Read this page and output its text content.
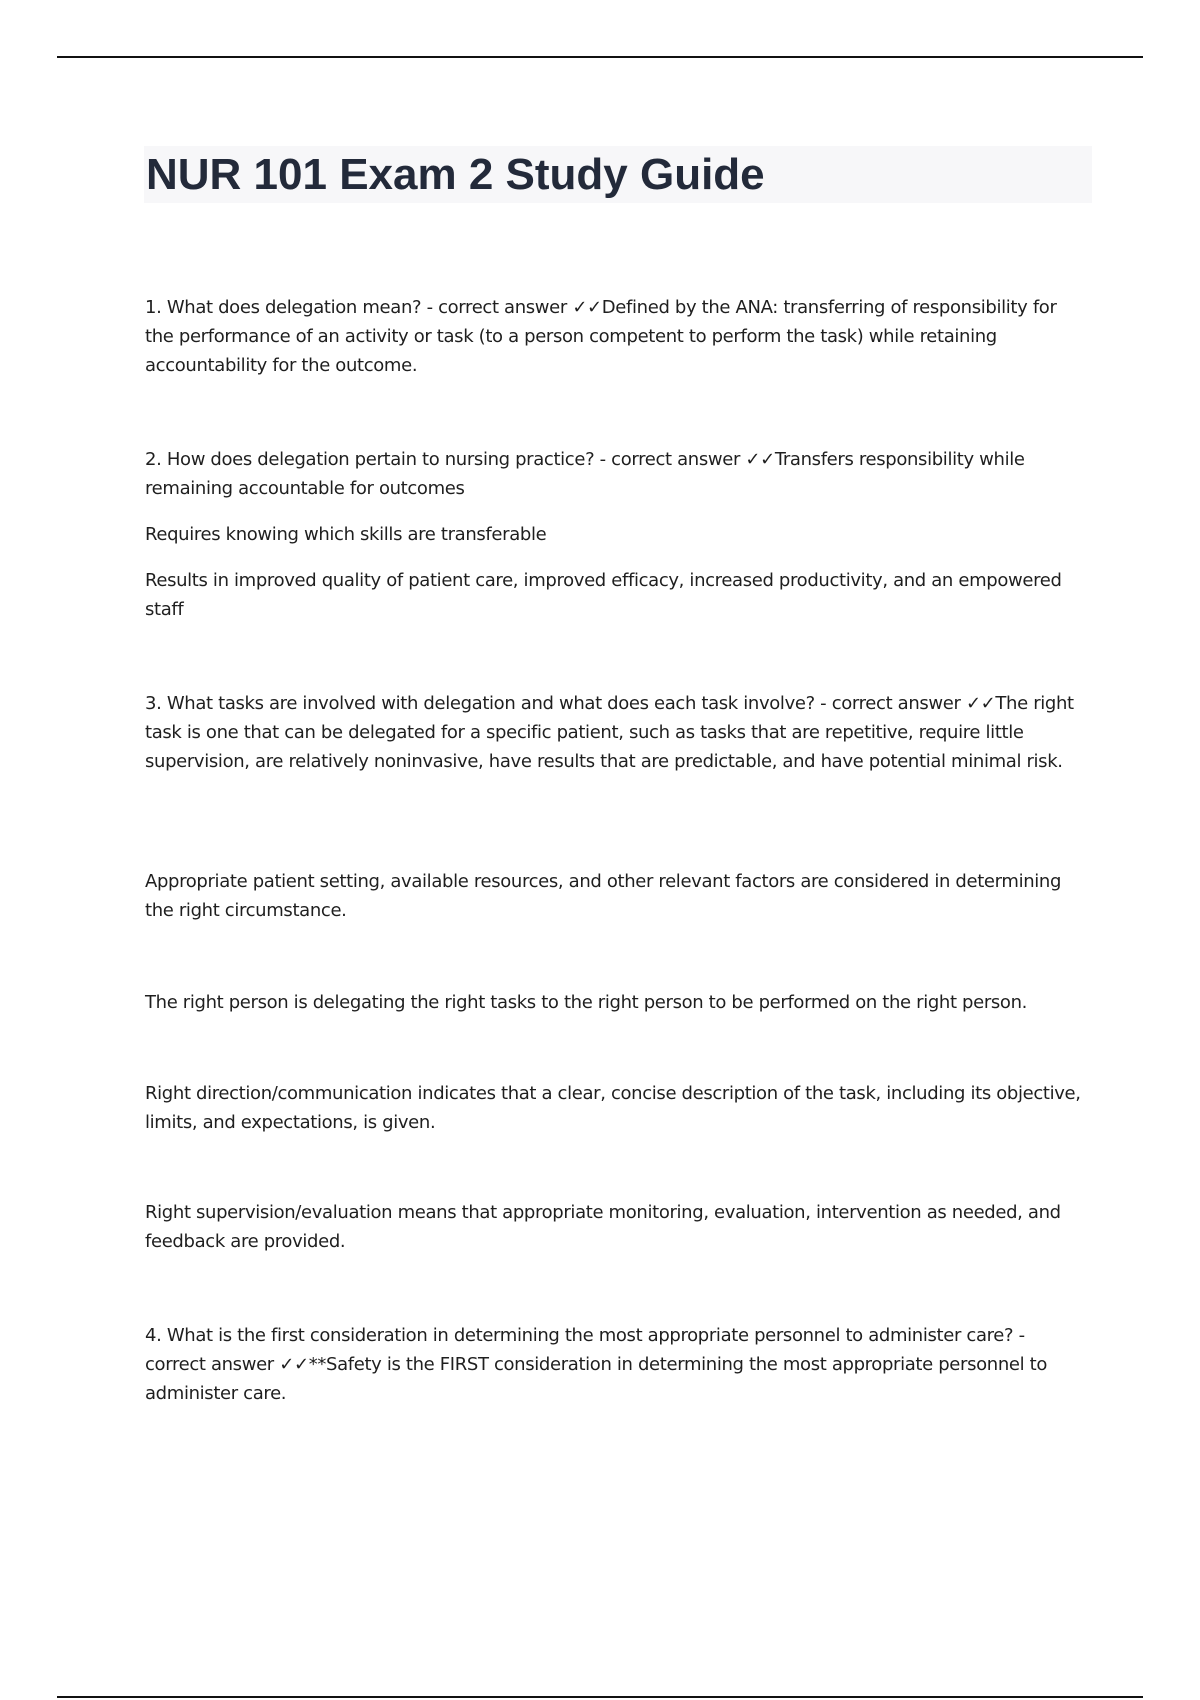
NUR 101 Exam 2 Study Guide

1. What does delegation mean? - correct answer ✓✓Defined by the ANA: transferring of responsibility for the performance of an activity or task (to a person competent to perform the task) while retaining accountability for the outcome.

2. How does delegation pertain to nursing practice? - correct answer ✓✓Transfers responsibility while remaining accountable for outcomes

Requires knowing which skills are transferable

Results in improved quality of patient care, improved efficacy, increased productivity, and an empowered staff

3. What tasks are involved with delegation and what does each task involve? - correct answer ✓✓The right task is one that can be delegated for a specific patient, such as tasks that are repetitive, require little supervision, are relatively noninvasive, have results that are predictable, and have potential minimal risk.

Appropriate patient setting, available resources, and other relevant factors are considered in determining the right circumstance.

The right person is delegating the right tasks to the right person to be performed on the right person.

Right direction/communication indicates that a clear, concise description of the task, including its objective, limits, and expectations, is given.

Right supervision/evaluation means that appropriate monitoring, evaluation, intervention as needed, and feedback are provided.

4. What is the first consideration in determining the most appropriate personnel to administer care? - correct answer ✓✓**Safety is the FIRST consideration in determining the most appropriate personnel to administer care.
